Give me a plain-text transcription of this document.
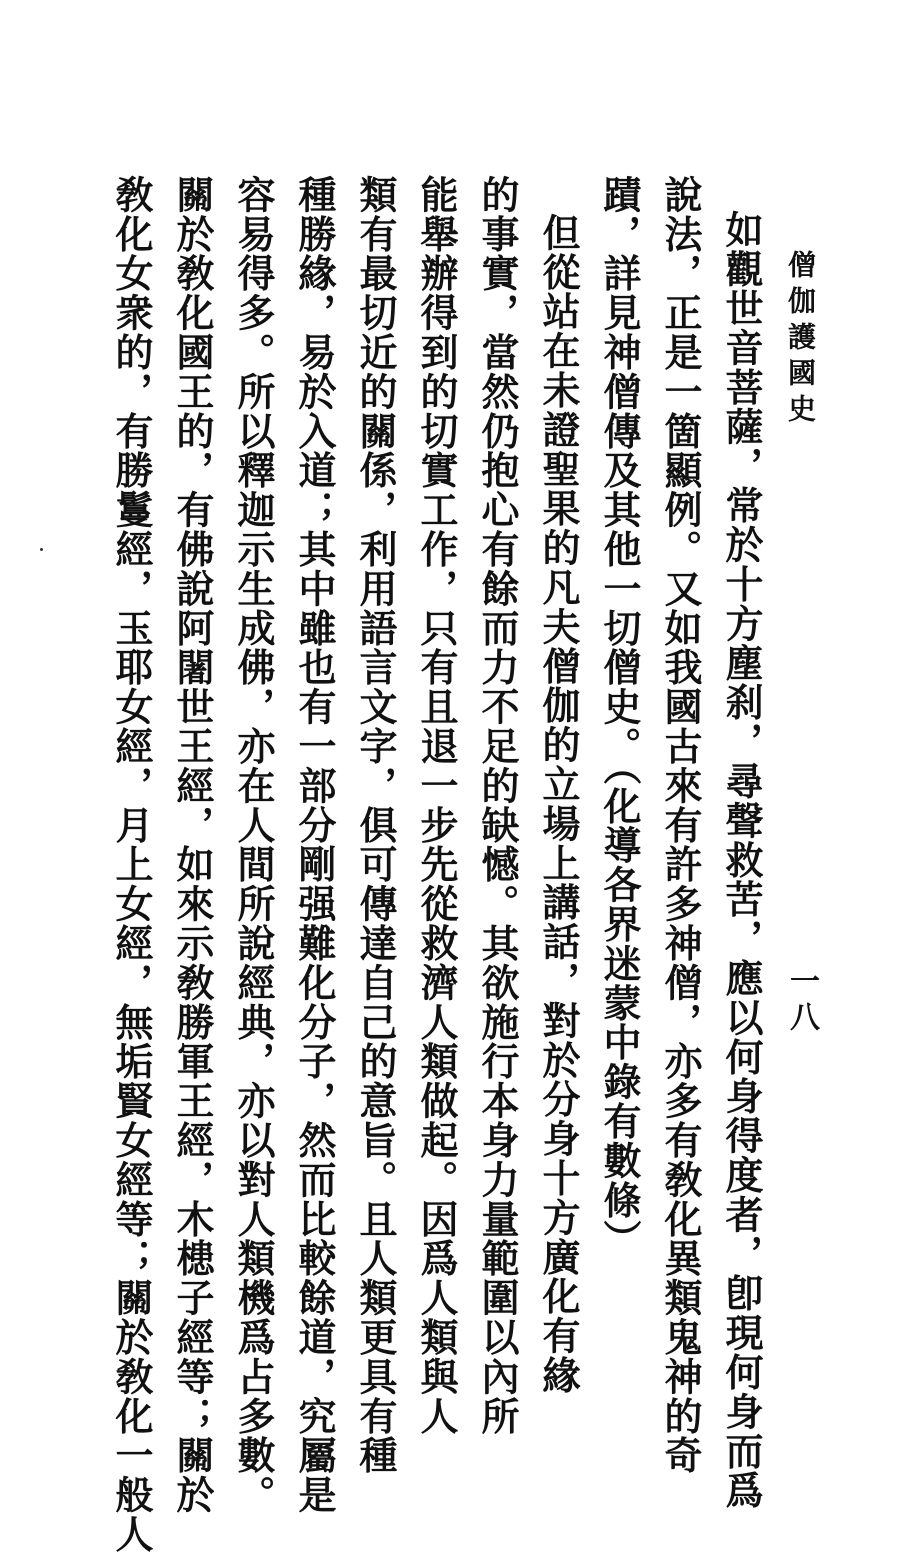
僧伽護國史
一八
如觀世音菩薩，常於十方塵刹，尋聲救苦，應以何身得度者，卽現何身而爲
說法，正是一箇顯例。又如我國古來有許多神僧，亦多有敎化異類鬼神的奇
蹟，詳見神僧傳及其他一切僧史。（化導各界迷蒙中錄有數條）
但從站在未證聖果的凡夫僧伽的立場上講話，對於分身十方廣化有緣
的事實，當然仍抱心有餘而力不足的缺憾。其欲施行本身力量範圍以內所
能舉辦得到的切實工作，只有且退一步先從救濟人類做起。因爲人類與人
類有最切近的關係，利用語言文字，俱可傳達自己的意旨。且人類更具有種
種勝緣，易於入道；其中雖也有一部分剛强難化分子，然而比較餘道，究屬是
容易得多。所以釋迦示生成佛，亦在人間所說經典，亦以對人類機爲占多數。
關於敎化國王的，有佛說阿闍世王經，如來示敎勝軍王經，木槵子經等；關於
敎化女衆的，有勝鬘經，玉耶女經，月上女經，無垢賢女經等；關於敎化一般人
